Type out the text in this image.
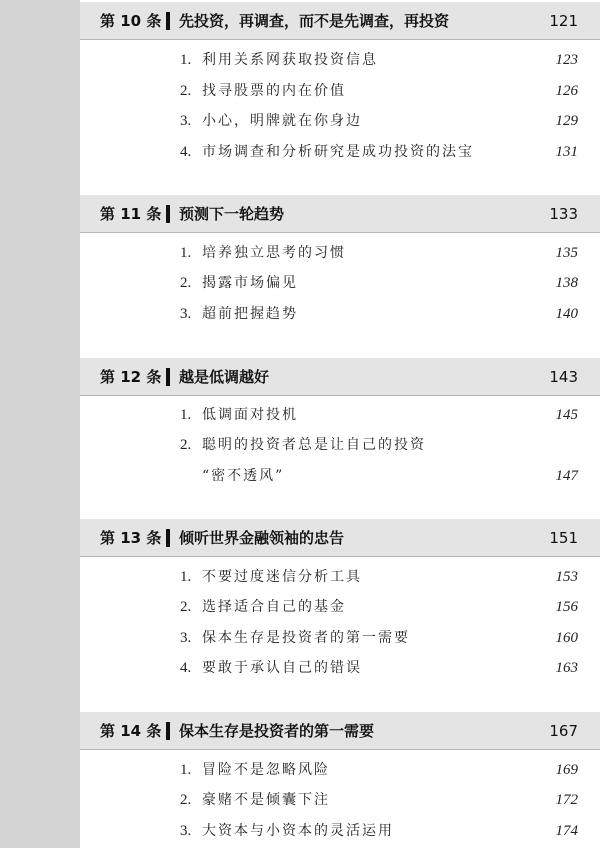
第 10 条 先投资，再调查，而不是先调查，再投资	121
1. 利用关系网获取投资信息	123
2. 找寻股票的内在价值	126
3. 小心，明牌就在你身边	129
4. 市场调查和分析研究是成功投资的法宝	131
第 11 条 预测下一轮趋势	133
1. 培养独立思考的习惯	135
2. 揭露市场偏见	138
3. 超前把握趋势	140
第 12 条 越是低调越好	143
1. 低调面对投机	145
2. 聪明的投资者总是让自己的投资
“密不透风”	147
第 13 条 倾听世界金融领袖的忠告	151
1. 不要过度迷信分析工具	153
2. 选择适合自己的基金	156
3. 保本生存是投资者的第一需要	160
4. 要敢于承认自己的错误	163
第 14 条 保本生存是投资者的第一需要	167
1. 冒险不是忽略风险	169
2. 豪赌不是倾囊下注	172
3. 大资本与小资本的灵活运用	174
